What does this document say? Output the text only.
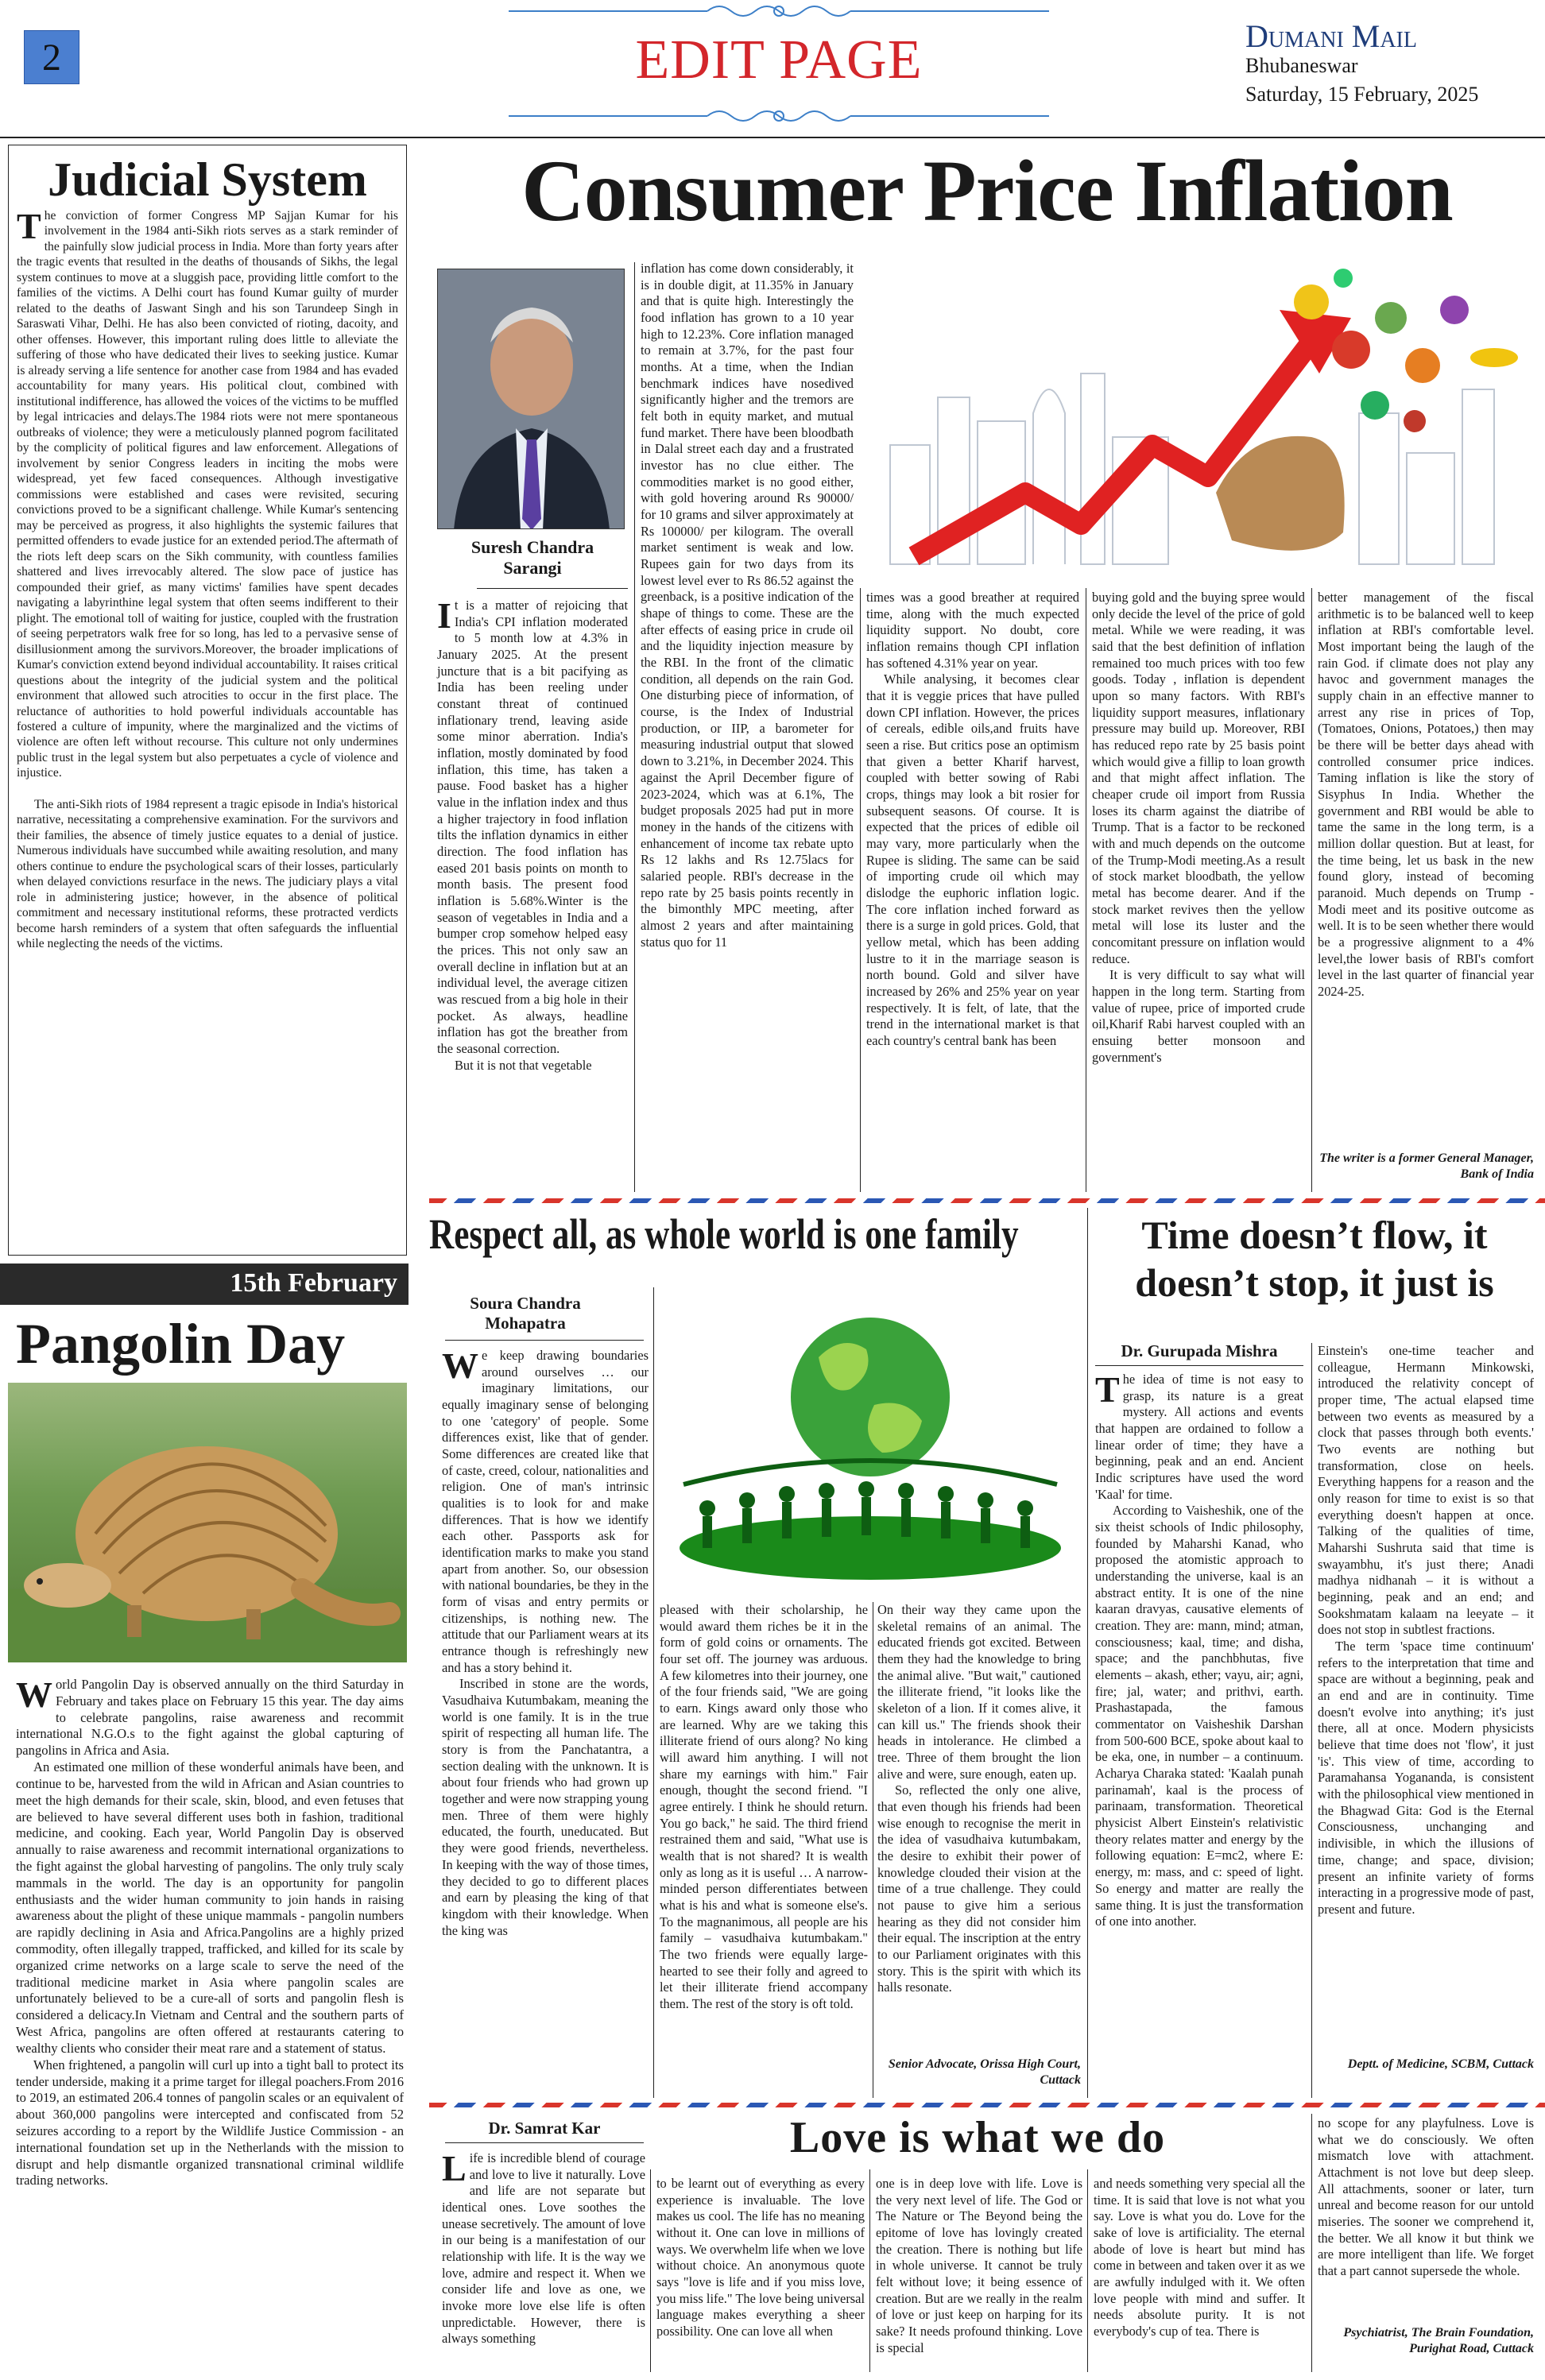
2	EDIT PAGE	Dumani Mail
Bhubaneswar
Saturday, 15 February, 2025
Judicial System

The conviction of former Congress MP Sajjan Kumar for his involvement in the 1984 anti-Sikh riots serves as a stark reminder of the painfully slow judicial process in India. More than forty years after the tragic events that resulted in the deaths of thousands of Sikhs, the legal system continues to move at a sluggish pace, providing little comfort to the families of the victims. A Delhi court has found Kumar guilty of murder related to the deaths of Jaswant Singh and his son Tarundeep Singh in Saraswati Vihar, Delhi. He has also been convicted of rioting, dacoity, and other offenses. However, this important ruling does little to alleviate the suffering of those who have dedicated their lives to seeking justice. Kumar is already serving a life sentence for another case from 1984 and has evaded accountability for many years. His political clout, combined with institutional indifference, has allowed the voices of the victims to be muffled by legal intricacies and delays.The 1984 riots were not mere spontaneous outbreaks of violence; they were a meticulously planned pogrom facilitated by the complicity of political figures and law enforcement. Allegations of involvement by senior Congress leaders in inciting the mobs were widespread, yet few faced consequences. Although investigative commissions were established and cases were revisited, securing convictions proved to be a significant challenge. While Kumar's sentencing may be perceived as progress, it also highlights the systemic failures that permitted offenders to evade justice for an extended period.The aftermath of the riots left deep scars on the Sikh community, with countless families shattered and lives irrevocably altered. The slow pace of justice has compounded their grief, as many victims' families have spent decades navigating a labyrinthine legal system that often seems indifferent to their plight. The emotional toll of waiting for justice, coupled with the frustration of seeing perpetrators walk free for so long, has led to a pervasive sense of disillusionment among the survivors.Moreover, the broader implications of Kumar's conviction extend beyond individual accountability. It raises critical questions about the integrity of the judicial system and the political environment that allowed such atrocities to occur in the first place. The reluctance of authorities to hold powerful individuals accountable has fostered a culture of impunity, where the marginalized and the victims of violence are often left without recourse. This culture not only undermines public trust in the legal system but also perpetuates a cycle of violence and injustice.

The anti-Sikh riots of 1984 represent a tragic episode in India's historical narrative, necessitating a comprehensive examination. For the survivors and their families, the absence of timely justice equates to a denial of justice. Numerous individuals have succumbed while awaiting resolution, and many others continue to endure the psychological scars of their losses, particularly when delayed convictions resurface in the news. The judiciary plays a vital role in administering justice; however, in the absence of political commitment and necessary institutional reforms, these protracted verdicts become harsh reminders of a system that often safeguards the influential while neglecting the needs of the victims.

15th February
Pangolin Day

World Pangolin Day is observed annually on the third Saturday in February and takes place on February 15 this year. The day aims to celebrate pangolins, raise awareness and recommit international N.G.O.s to the fight against the global capturing of pangolins in Africa and Asia.

An estimated one million of these wonderful animals have been, and continue to be, harvested from the wild in African and Asian countries to meet the high demands for their scale, skin, blood, and even fetuses that are believed to have several different uses both in fashion, traditional medicine, and cooking. Each year, World Pangolin Day is observed annually to raise awareness and recommit international organizations to the fight against the global harvesting of pangolins. The only truly scaly mammals in the world. The day is an opportunity for pangolin enthusiasts and the wider human community to join hands in raising awareness about the plight of these unique mammals - pangolin numbers are rapidly declining in Asia and Africa.Pangolins are a highly prized commodity, often illegally trapped, trafficked, and killed for its scale by organized crime networks on a large scale to serve the need of the traditional medicine market in Asia where pangolin scales are unfortunately believed to be a cure-all of sorts and pangolin flesh is considered a delicacy.In Vietnam and Central and the southern parts of West Africa, pangolins are often offered at restaurants catering to wealthy clients who consider their meat rare and a statement of status.

When frightened, a pangolin will curl up into a tight ball to protect its tender underside, making it a prime target for illegal poachers.From 2016 to 2019, an estimated 206.4 tonnes of pangolin scales or an equivalent of about 360,000 pangolins were intercepted and confiscated from 52 seizures according to a report by the Wildlife Justice Commission - an international foundation set up in the Netherlands with the mission to disrupt and help dismantle organized transnational criminal wildlife trading networks.

Consumer Price Inflation
Suresh Chandra Sarangi

It is a matter of rejoicing that India's CPI inflation moderated to 5 month low at 4.3% in January 2025. At the present juncture that is a bit pacifying as India has been reeling under constant threat of continued inflationary trend, leaving aside some minor aberration. India's inflation, mostly dominated by food inflation, this time, has taken a pause. Food basket has a higher value in the inflation index and thus a higher trajectory in food inflation tilts the inflation dynamics in either direction. The food inflation has eased 201 basis points on month to month basis. The present food inflation is 5.68%.Winter is the season of vegetables in India and a bumper crop somehow helped easy the prices. This not only saw an overall decline in inflation but at an individual level, the average citizen was rescued from a big hole in their pocket. As always, headline inflation has got the breather from the seasonal correction.

But it is not that vegetable

inflation has come down considerably, it is in double digit, at 11.35% in January and that is quite high. Interestingly the food inflation has grown to a 10 year high to 12.23%. Core inflation managed to remain at 3.7%, for the past four months. At a time, when the Indian benchmark indices have nosedived significantly higher and the tremors are felt both in equity market, and mutual fund market. There have been bloodbath in Dalal street each day and a frustrated investor has no clue either. The commodities market is no good either, with gold hovering around Rs 90000/ for 10 grams and silver approximately at Rs 100000/ per kilogram. The overall market sentiment is weak and low. Rupees gain for two days from its lowest level ever to Rs 86.52 against the greenback, is a positive indication of the shape of things to come. These are the after effects of easing price in crude oil and the liquidity injection measure by the RBI. In the front of the climatic condition, all depends on the rain God. One disturbing piece of information, of course, is the Index of Industrial production, or IIP, a barometer for measuring industrial output that slowed down to 3.21%, in December 2024. This against the April December figure of 2023-2024, which was at 6.1%, The budget proposals 2025 had put in more money in the hands of the citizens with enhancement of income tax rebate upto Rs 12 lakhs and Rs 12.75lacs for salaried people. RBI's decrease in the repo rate by 25 basis points recently in the bimonthly MPC meeting, after almost 2 years and after maintaining status quo for 11

times was a good breather at required time, along with the much expected liquidity support. No doubt, core inflation remains though CPI inflation has softened 4.31% year on year.

While analysing, it becomes clear that it is veggie prices that have pulled down CPI inflation. However, the prices of cereals, edible oils,and fruits have seen a rise. But critics pose an optimism that given a better Kharif harvest, coupled with better sowing of Rabi crops, things may look a bit rosier for subsequent seasons. Of course. It is expected that the prices of edible oil may vary, more particularly when the Rupee is sliding. The same can be said of importing crude oil which may dislodge the euphoric inflation logic. The core inflation inched forward as there is a surge in gold prices. Gold, that yellow metal, which has been adding lustre to it in the marriage season is north bound. Gold and silver have increased by 26% and 25% year on year respectively. It is felt, of late, that the trend in the international market is that each country's central bank has been

buying gold and the buying spree would only decide the level of the price of gold metal. While we were reading, it was said that the best definition of inflation remained too much prices with too few goods. Today , inflation is dependent upon so many factors. With RBI's liquidity support measures, inflationary pressure may build up. Moreover, RBI has reduced repo rate by 25 basis point which would give a fillip to loan growth and that might affect inflation. The cheaper crude oil import from Russia loses its charm against the diatribe of Trump. That is a factor to be reckoned with and much depends on the outcome of the Trump-Modi meeting.As a result of stock market bloodbath, the yellow metal has become dearer. And if the stock market revives then the yellow metal will lose its luster and the concomitant pressure on inflation would reduce.

It is very difficult to say what will happen in the long term. Starting from value of rupee, price of imported crude oil,Kharif Rabi harvest coupled with an ensuing better monsoon and government's

better management of the fiscal arithmetic is to be balanced well to keep inflation at RBI's comfortable level. Most important being the laugh of the rain God. if climate does not play any havoc and government manages the supply chain in an effective manner to arrest any rise in prices of Top, (Tomatoes, Onions, Potatoes,) then may be there will be better days ahead with controlled consumer price indices. Taming inflation is like the story of Sisyphus In India. Whether the government and RBI would be able to tame the same in the long term, is a million dollar question. But at least, for the time being, let us bask in the new found glory, instead of becoming paranoid. Much depends on Trump - Modi meet and its positive outcome as well. It is to be seen whether there would be a progressive alignment to a 4% level,the lower basis of RBI's comfort level in the last quarter of financial year 2024-25.

The writer is a former General Manager, Bank of India
Respect all, as whole world is one family
Soura Chandra Mohapatra

We keep drawing boundaries around ourselves … our imaginary limitations, our equally imaginary sense of belonging to one 'category' of people. Some differences exist, like that of gender. Some differences are created like that of caste, creed, colour, nationalities and religion. One of man's intrinsic qualities is to look for and make differences. That is how we identify each other. Passports ask for identification marks to make you stand apart from another. So, our obsession with national boundaries, be they in the form of visas and entry permits or citizenships, is nothing new. The attitude that our Parliament wears at its entrance though is refreshingly new and has a story behind it.

Inscribed in stone are the words, Vasudhaiva Kutumbakam, meaning the world is one family. It is in the true spirit of respecting all human life. The story is from the Panchatantra, a section dealing with the unknown. It is about four friends who had grown up together and were now strapping young men. Three of them were highly educated, the fourth, uneducated. But they were good friends, nevertheless. In keeping with the way of those times, they decided to go to different places and earn by pleasing the king of that kingdom with their knowledge. When the king was

pleased with their scholarship, he would award them riches be it in the form of gold coins or ornaments. The four set off. The journey was arduous. A few kilometres into their journey, one of the four friends said, "We are going to earn. Kings award only those who are learned. Why are we taking this illiterate friend of ours along? No king will award him anything. I will not share my earnings with him." Fair enough, thought the second friend. "I agree entirely. I think he should return. You go back," he said. The third friend restrained them and said, "What use is wealth that is not shared? It is wealth only as long as it is useful … A narrow-minded person differentiates between what is his and what is someone else's. To the magnanimous, all people are his family – vasudhaiva kutumbakam." The two friends were equally large-hearted to see their folly and agreed to let their illiterate friend accompany them. The rest of the story is oft told.

On their way they came upon the skeletal remains of an animal. The educated friends got excited. Between them they had the knowledge to bring the animal alive. "But wait," cautioned the illiterate friend, "it looks like the skeleton of a lion. If it comes alive, it can kill us." The friends shook their heads in intolerance. He climbed a tree. Three of them brought the lion alive and were, sure enough, eaten up.

So, reflected the only one alive, that even though his friends had been wise enough to recognise the merit in the idea of vasudhaiva kutumbakam, the desire to exhibit their power of knowledge clouded their vision at the time of a true challenge. They could not pause to give him a serious hearing as they did not consider him their equal. The inscription at the entry to our Parliament originates with this story. This is the spirit with which its halls resonate.

Senior Advocate, Orissa High Court, Cuttack
Time doesn’t flow, it doesn’t stop, it just is
Dr. Gurupada Mishra

The idea of time is not easy to grasp, its nature is a great mystery. All actions and events that happen are ordained to follow a linear order of time; they have a beginning, peak and an end. Ancient Indic scriptures have used the word 'Kaal' for time.

According to Vaisheshik, one of the six theist schools of Indic philosophy, founded by Maharshi Kanad, who proposed the atomistic approach to understanding the universe, kaal is an abstract entity. It is one of the nine kaaran dravyas, causative elements of creation. They are: mann, mind; atman, consciousness; kaal, time; and disha, space; and the panchbhutas, five elements – akash, ether; vayu, air; agni, fire; jal, water; and prithvi, earth. Prashastapada, the famous commentator on Vaisheshik Darshan from 500-600 BCE, spoke about kaal to be eka, one, in number – a continuum. Acharya Charaka stated: 'Kaalah punah parinamah', kaal is the process of parinaam, transformation. Theoretical physicist Albert Einstein's relativistic theory relates matter and energy by the following equation: E=mc2, where E: energy, m: mass, and c: speed of light. So energy and matter are really the same thing. It is just the transformation of one into another.

Einstein's one-time teacher and colleague, Hermann Minkowski, introduced the relativity concept of proper time, 'The actual elapsed time between two events as measured by a clock that passes through both events.' Two events are nothing but transformation, close on heels. Everything happens for a reason and the only reason for time to exist is so that everything doesn't happen at once. Talking of the qualities of time, Maharshi Sushruta said that time is swayambhu, it's just there; Anadi madhya nidhanah – it is without a beginning, peak and an end; and Sookshmatam kalaam na leeyate – it does not stop in subtlest fractions.

The term 'space time continuum' refers to the interpretation that time and space are without a beginning, peak and an end and are in continuity. Time doesn't evolve into anything; it's just there, all at once. Modern physicists believe that time does not 'flow', it just 'is'. This view of time, according to Paramahansa Yogananda, is consistent with the philosophical view mentioned in the Bhagwad Gita: God is the Eternal Consciousness, unchanging and indivisible, in which the illusions of time, change; and space, division; present an infinite variety of forms interacting in a progressive mode of past, present and future.

Deptt. of Medicine, SCBM, Cuttack
Love is what we do
Dr. Samrat Kar

Life is incredible blend of courage and love to live it naturally. Love and life are not separate but identical ones. Love soothes the unease secretively. The amount of love in our being is a manifestation of our relationship with life. It is the way we love, admire and respect it. When we consider life and love as one, we invoke more love else life is often unpredictable. However, there is always something

to be learnt out of everything as every experience is invaluable. The love makes us cool. The life has no meaning without it. One can love in millions of ways. We overwhelm life when we love without choice. An anonymous quote says "love is life and if you miss love, you miss life." The love being universal language makes everything a sheer possibility. One can love all when

one is in deep love with life. Love is the very next level of life. The God or The Nature or The Beyond being the epitome of love has lovingly created the creation. There is nothing but life in whole universe. It cannot be truly felt without love; it being essence of creation. But are we really in the realm of love or just keep on harping for its sake? It needs profound thinking. Love is special

and needs something very special all the time. It is said that love is not what you say. Love is what you do. Love for the sake of love is artificiality. The eternal abode of love is heart but mind has come in between and taken over it as we are awfully indulged with it. We often love people with mind and suffer. It needs absolute purity. It is not everybody's cup of tea. There is

no scope for any playfulness. Love is what we do consciously. We often mismatch love with attachment. Attachment is not love but deep sleep. All attachments, sooner or later, turn unreal and become reason for our untold miseries. The sooner we comprehend it, the better. We all know it but think we are more intelligent than life. We forget that a part cannot supersede the whole.

Psychiatrist, The Brain Foundation, Purighat Road, Cuttack
